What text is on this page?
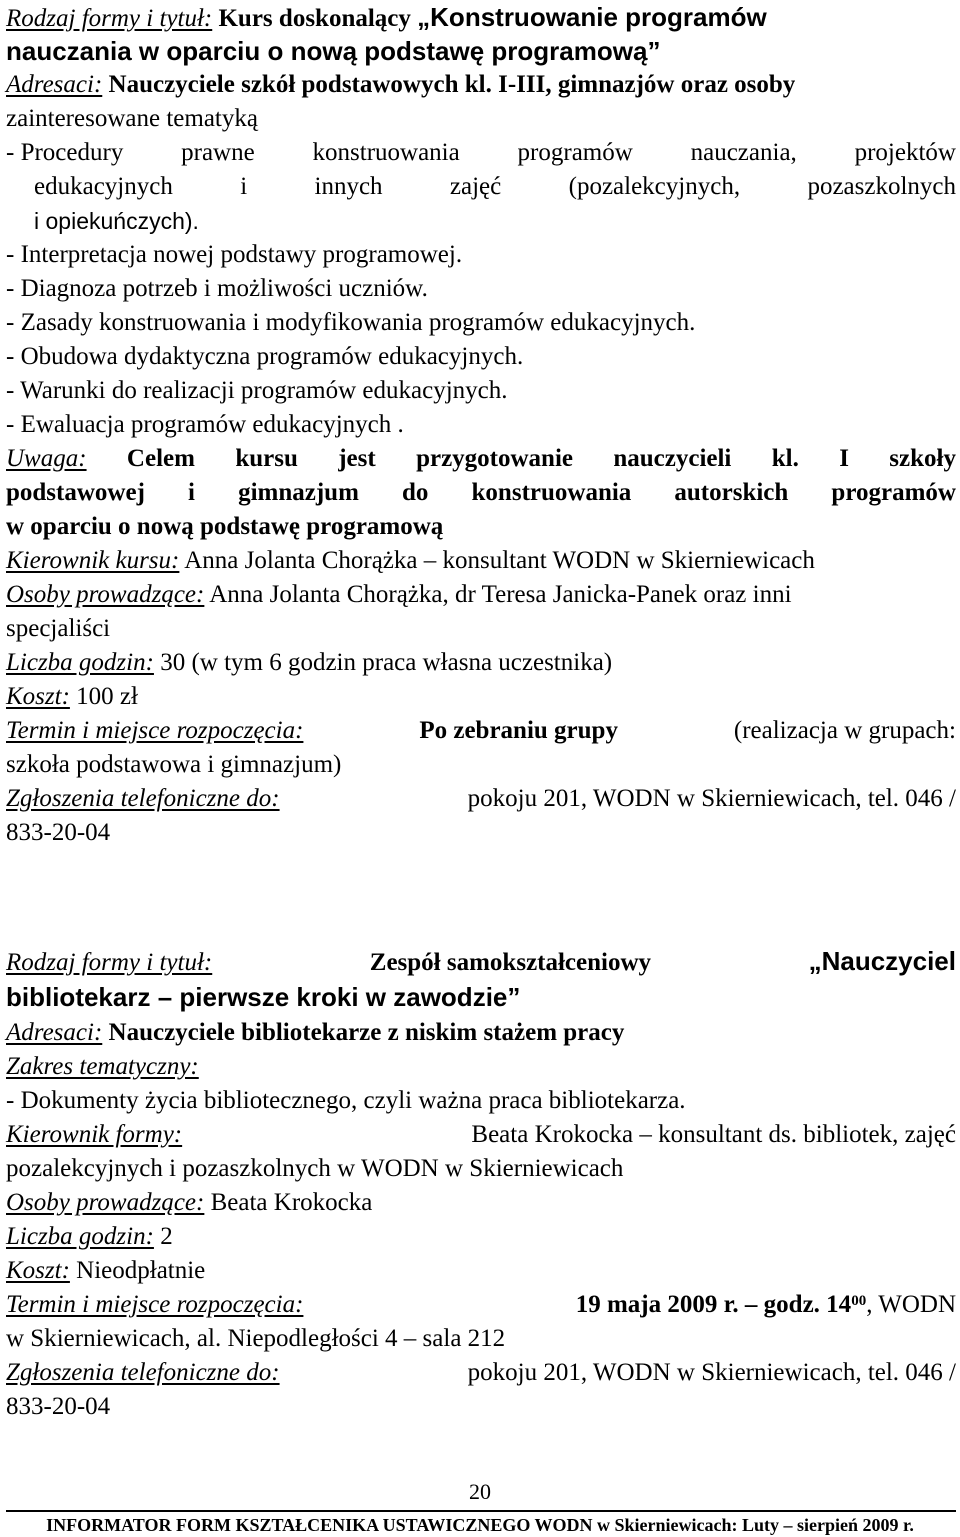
Rodzaj formy i tytuł: Kurs doskonalący „Konstruowanie programów
nauczania w oparciu o nową podstawę programową”
Adresaci: Nauczyciele szkół podstawowych kl. I-III, gimnazjów oraz osoby
zainteresowane tematyką
- Procedury prawne konstruowania programów nauczania, projektów
edukacyjnych	i	innych	zajęć	(pozalekcyjnych,	pozaszkolnych
i opiekuńczych).
- Interpretacja nowej podstawy programowej.
- Diagnoza potrzeb i możliwości uczniów.
- Zasady konstruowania i modyfikowania programów edukacyjnych.
- Obudowa dydaktyczna programów edukacyjnych.
- Warunki do realizacji programów edukacyjnych.
- Ewaluacja programów edukacyjnych .
Uwaga: Celem kursu jest przygotowanie nauczycieli kl. I szkoły
podstawowej i gimnazjum do konstruowania autorskich programów
w oparciu o nową podstawę programową
Kierownik kursu: Anna Jolanta Chorążka – konsultant WODN w Skierniewicach
Osoby prowadzące: Anna Jolanta Chorążka, dr Teresa Janicka-Panek oraz inni
specjaliści
Liczba godzin: 30 (w tym 6 godzin praca własna uczestnika)
Koszt: 100 zł
Termin i miejsce rozpoczęcia:	Po zebraniu grupy	(realizacja w grupach:
szkoła podstawowa i gimnazjum)
Zgłoszenia telefoniczne do:	pokoju 201, WODN w Skierniewicach, tel. 046 /
833-20-04
Rodzaj formy i tytuł:	Zespół samokształceniowy	„Nauczyciel
bibliotekarz – pierwsze kroki w zawodzie”
Adresaci: Nauczyciele bibliotekarze z niskim stażem pracy
Zakres tematyczny:
- Dokumenty życia bibliotecznego, czyli ważna praca bibliotekarza.
Kierownik formy:	Beata Krokocka – konsultant ds. bibliotek, zajęć
pozalekcyjnych i pozaszkolnych w WODN w Skierniewicach
Osoby prowadzące: Beata Krokocka
Liczba godzin: 2
Koszt: Nieodpłatnie
Termin i miejsce rozpoczęcia:	19 maja 2009 r. – godz. $14^{00}$, WODN
w Skierniewicach, al. Niepodległości 4 – sala 212
Zgłoszenia telefoniczne do:	pokoju 201, WODN w Skierniewicach, tel. 046 /
833-20-04
20
INFORMATOR FORM KSZTAŁCENIKA USTAWICZNEGO WODN w Skierniewicach: Luty – sierpień 2009 r.
